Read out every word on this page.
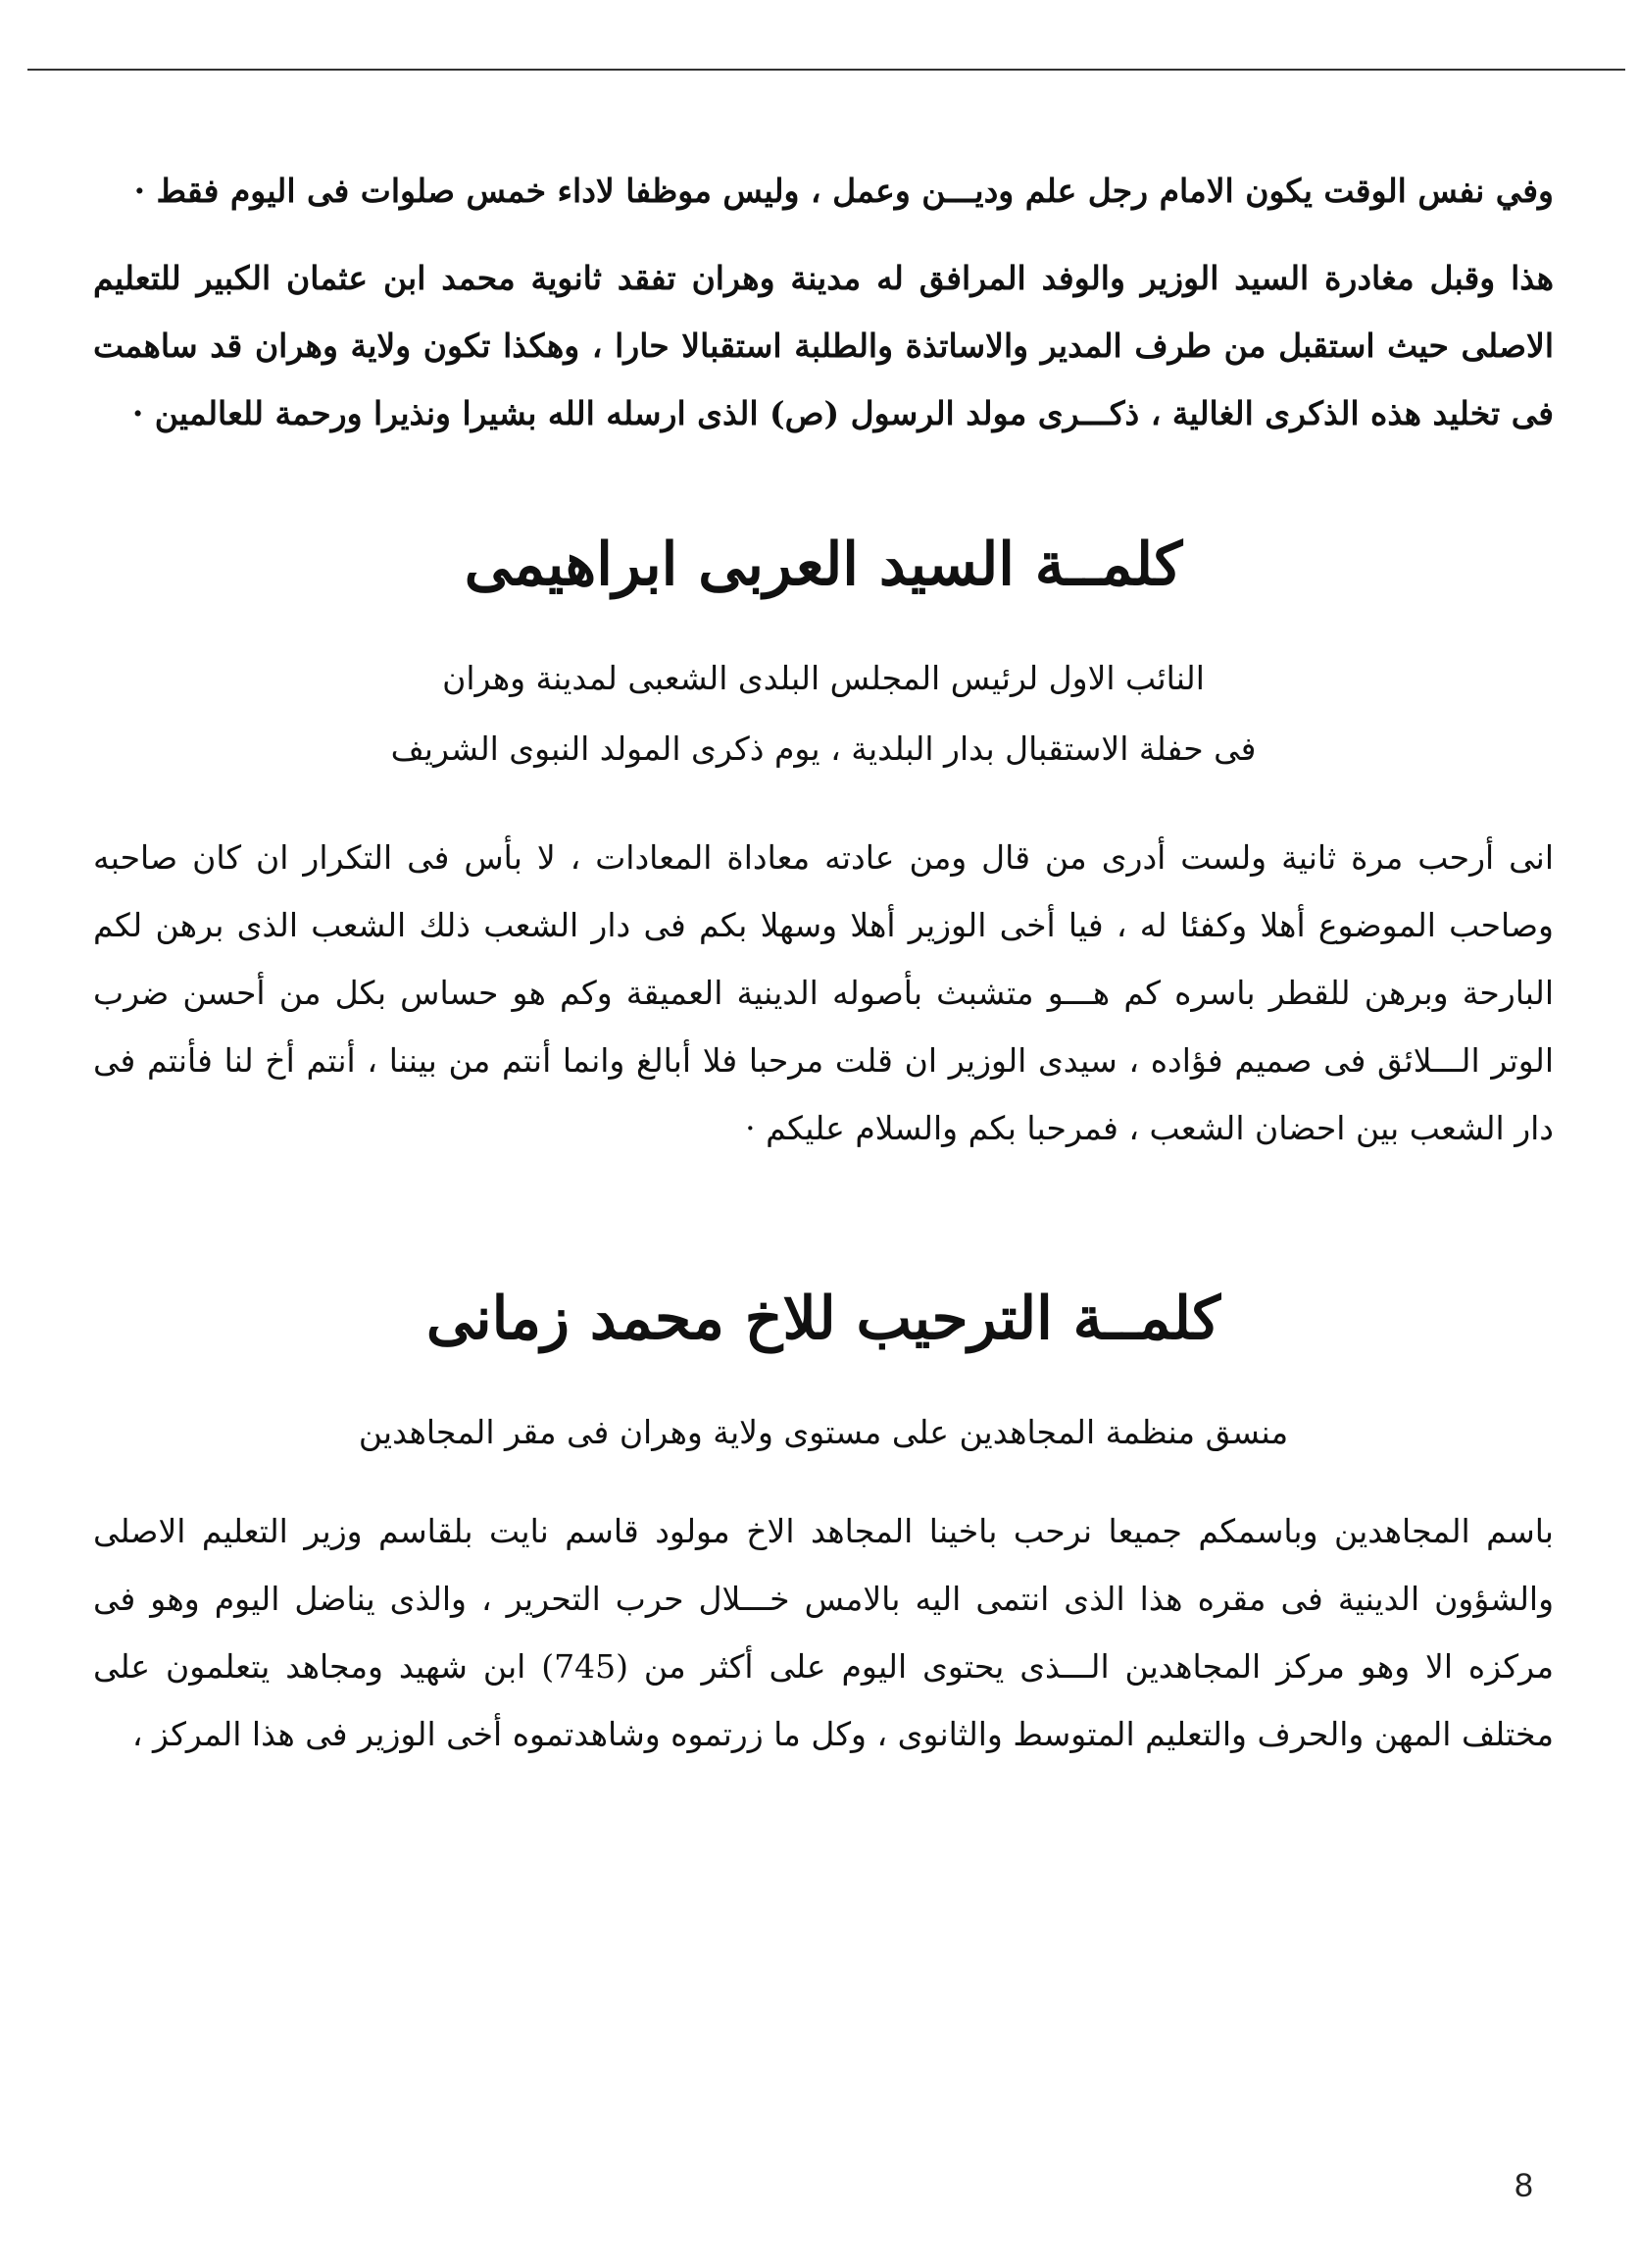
وفي نفس الوقت يكون الامام رجل علم وديـــن وعمل ، وليس موظفا لاداء خمس صلوات فى اليوم فقط ·

هذا وقبل مغادرة السيد الوزير والوفد المرافق له مدينة وهران تفقد ثانوية محمد ابن عثمان الكبير للتعليم الاصلى حيث استقبل من طرف المدير والاساتذة والطلبة استقبالا حارا ، وهكذا تكون ولاية وهران قد ساهمت فى تخليد هذه الذكرى الغالية ، ذكـــرى مولد الرسول (ص) الذى ارسله الله بشيرا ونذيرا ورحمة للعالمين ·

كلمــة السيد العربى ابراهيمى

النائب الاول لرئيس المجلس البلدى الشعبى لمدينة وهران

فى حفلة الاستقبال بدار البلدية ، يوم ذكرى المولد النبوى الشريف

انى أرحب مرة ثانية ولست أدرى من قال ومن عادته معاداة المعادات ، لا بأس فى التكرار ان كان صاحبه وصاحب الموضوع أهلا وكفئا له ، فيا أخى الوزير أهلا وسهلا بكم فى دار الشعب ذلك الشعب الذى برهن لكم البارحة وبرهن للقطر باسره كم هـــو متشبث بأصوله الدينية العميقة وكم هو حساس بكل من أحسن ضرب الوتر الـــلائق فى صميم فؤاده ، سيدى الوزير ان قلت مرحبا فلا أبالغ وانما أنتم من بيننا ، أنتم أخ لنا فأنتم فى دار الشعب بين احضان الشعب ، فمرحبا بكم والسلام عليكم ·

كلمــة الترحيب للاخ محمد زمانى

منسق منظمة المجاهدين على مستوى ولاية وهران فى مقر المجاهدين

باسم المجاهدين وباسمكم جميعا نرحب باخينا المجاهد الاخ مولود قاسم نايت بلقاسم وزير التعليم الاصلى والشؤون الدينية فى مقره هذا الذى انتمى اليه بالامس خـــلال حرب التحرير ، والذى يناضل اليوم وهو فى مركزه الا وهو مركز المجاهدين الـــذى يحتوى اليوم على أكثر من (745) ابن شهيد ومجاهد يتعلمون على مختلف المهن والحرف والتعليم المتوسط والثانوى ، وكل ما زرتموه وشاهدتموه أخى الوزير فى هذا المركز ،

8
